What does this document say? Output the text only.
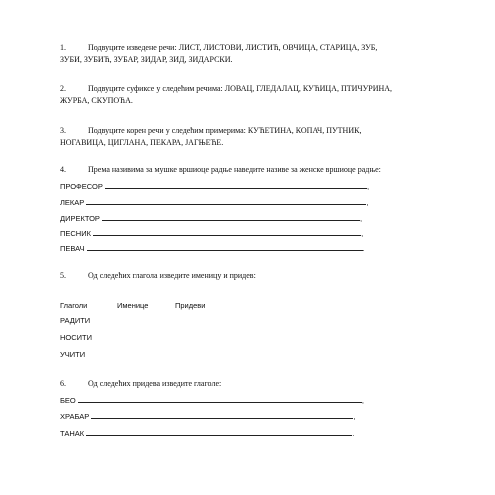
1.	Подвуците изведене речи: ЛИСТ, ЛИСТОВИ, ЛИСТИЋ, ОВЧИЦА, СТАРИЦА, ЗУБ,
ЗУБИ, ЗУБИЋ, ЗУБАР, ЗИДАР, ЗИД, ЗИДАРСКИ.
2.	Подвуците суфиксе у следећим речима: ЛОВАЦ, ГЛЕДАЛАЦ, КУЋИЦА, ПТИЧУРИНА,
ЖУРБА, СКУПОЋА.
3.	Подвуците корен речи у следећим примерима: КУЋЕТИНА, КОПАЧ, ПУТНИК,
НОГАВИЦА, ЦИГЛАНА, ПЕКАРА, ЈАГЊЕЋЕ.
4.	Према називима за мушке вршиоце радње наведите називе за женске вршиоце радње:
ПРОФЕСОР	,
ЛЕКАР	,
ДИРЕКТОР	,
ПЕСНИК	,
ПЕВАЧ	.
5.	Од следећих глагола изведите именицу и придев:
Глаголи	Именице	Придеви
РАДИТИ
НОСИТИ
УЧИТИ
6.	Од следећих придева изведите глаголе:
БЕО	,
ХРАБАР	,
ТАНАК	.
